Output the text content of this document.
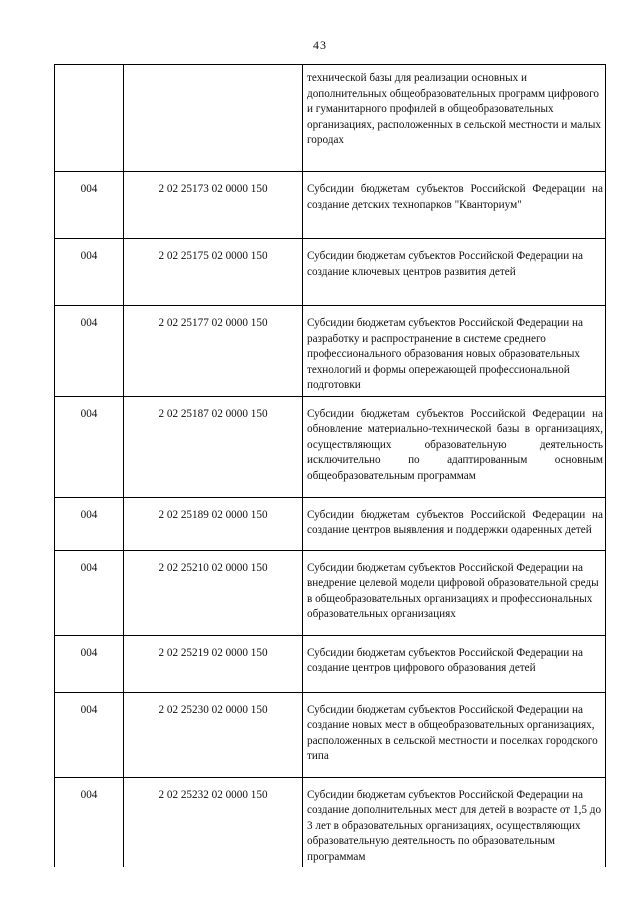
43
		технической базы для реализации основных и дополнительных общеобразовательных программ цифрового и гуманитарного профилей в общеобразовательных организациях, расположенных в сельской местности и малых городах
004	2 02 25173 02 0000 150	Субсидии бюджетам субъектов Российской Федерации на создание детских технопарков "Кванториум"
004	2 02 25175 02 0000 150	Субсидии бюджетам субъектов Российской Федерации на создание ключевых центров развития детей
004	2 02 25177 02 0000 150	Субсидии бюджетам субъектов Российской Федерации на разработку и распространение в системе среднего профессионального образования новых образовательных технологий и формы опережающей профессиональной подготовки
004	2 02 25187 02 0000 150	Субсидии бюджетам субъектов Российской Федерации на обновление материально-технической базы в организациях, осуществляющих образовательную деятельность исключительно по адаптированным основным общеобразовательным программам
004	2 02 25189 02 0000 150	Субсидии бюджетам субъектов Российской Федерации на создание центров выявления и поддержки одаренных детей
004	2 02 25210 02 0000 150	Субсидии бюджетам субъектов Российской Федерации на внедрение целевой модели цифровой образовательной среды в общеобразовательных организациях и профессиональных образовательных организациях
004	2 02 25219 02 0000 150	Субсидии бюджетам субъектов Российской Федерации на создание центров цифрового образования детей
004	2 02 25230 02 0000 150	Субсидии бюджетам субъектов Российской Федерации на создание новых мест в общеобразовательных организациях, расположенных в сельской местности и поселках городского типа
004	2 02 25232 02 0000 150	Субсидии бюджетам субъектов Российской Федерации на создание дополнительных мест для детей в возрасте от 1,5 до 3 лет в образовательных организациях, осуществляющих образовательную деятельность по образовательным программам
